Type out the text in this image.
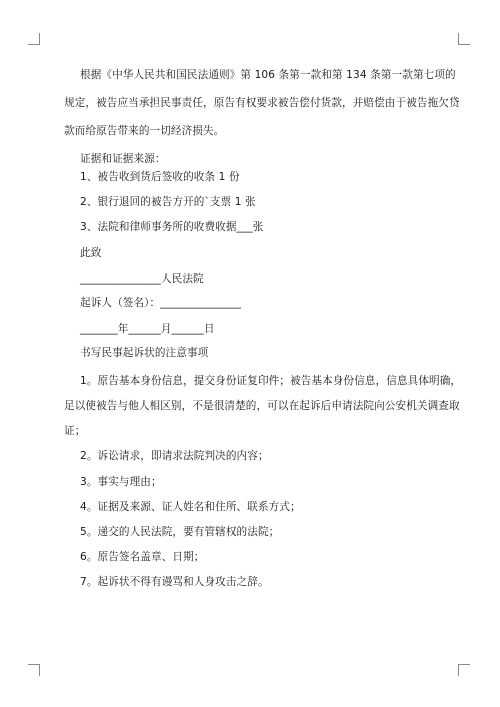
根据《中华人民共和国民法通则》第 106 条第一款和第 134 条第一款第七项的
规定，被告应当承担民事责任，原告有权要求被告偿付货款，并赔偿由于被告拖欠贷
款而给原告带来的一切经济损失。
证据和证据来源：
1、被告收到货后签收的收条 1 份
2、银行退回的被告方开的`支票 1 张
3、法院和律师事务所的收费收据___张
此致
_______________人民法院
起诉人（签名）：_______________
_______年______月______日
书写民事起诉状的注意事项
1。原告基本身份信息，提交身份证复印件；被告基本身份信息，信息具体明确，
足以使被告与他人相区别，不是很清楚的，可以在起诉后申请法院向公安机关调查取
证；
2。诉讼请求，即请求法院判决的内容；
3。事实与理由；
4。证据及来源、证人姓名和住所、联系方式；
5。递交的人民法院，要有管辖权的法院；
6。原告签名盖章、日期；
7。起诉状不得有谩骂和人身攻击之辞。
